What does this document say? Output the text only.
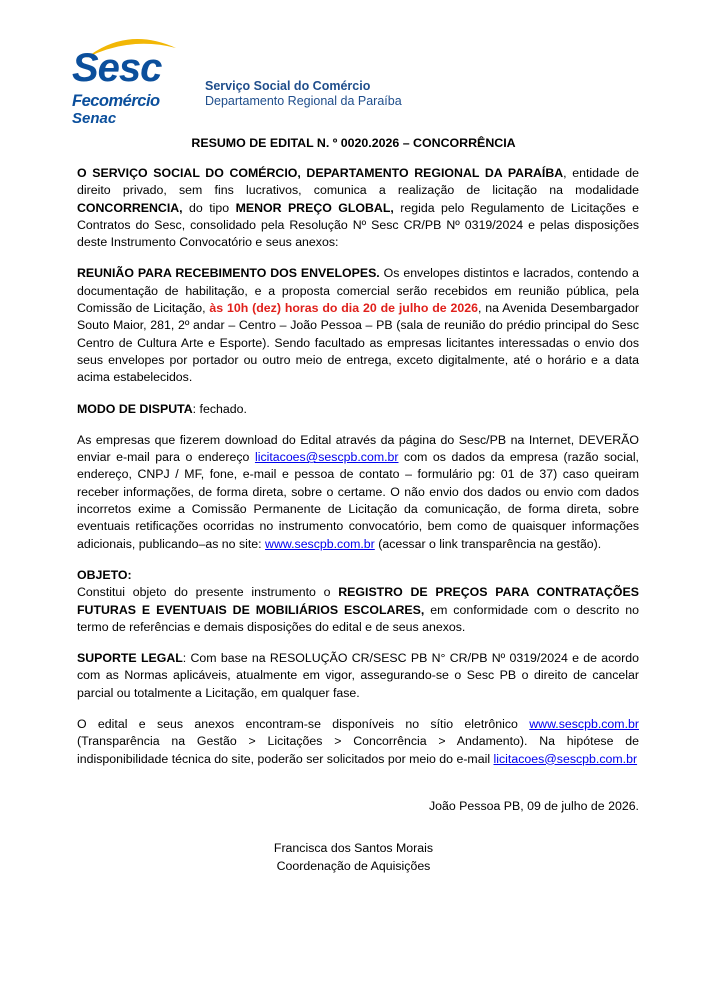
Sesc
Fecomércio
Senac
Serviço Social do Comércio
Departamento Regional da Paraíba
RESUMO DE EDITAL N. º 0020.2026 – CONCORRÊNCIA

O SERVIÇO SOCIAL DO COMÉRCIO, DEPARTAMENTO REGIONAL DA PARAÍBA, entidade de direito privado, sem fins lucrativos, comunica a realização de licitação na modalidade CONCORRENCIA, do tipo MENOR PREÇO GLOBAL, regida pelo Regulamento de Licitações e Contratos do Sesc, consolidado pela Resolução Nº Sesc CR/PB Nº 0319/2024 e pelas disposições deste Instrumento Convocatório e seus anexos:

REUNIÃO PARA RECEBIMENTO DOS ENVELOPES. Os envelopes distintos e lacrados, contendo a documentação de habilitação, e a proposta comercial serão recebidos em reunião pública, pela Comissão de Licitação, às 10h (dez) horas do dia 20 de julho de 2026, na Avenida Desembargador Souto Maior, 281, 2º andar – Centro – João Pessoa – PB (sala de reunião do prédio principal do Sesc Centro de Cultura Arte e Esporte). Sendo facultado as empresas licitantes interessadas o envio dos seus envelopes por portador ou outro meio de entrega, exceto digitalmente, até o horário e a data acima estabelecidos.

MODO DE DISPUTA: fechado.

As empresas que fizerem download do Edital através da página do Sesc/PB na Internet, DEVERÃO enviar e-mail para o endereço licitacoes@sescpb.com.br com os dados da empresa (razão social, endereço, CNPJ / MF, fone, e-mail e pessoa de contato – formulário pg: 01 de 37) caso queiram receber informações, de forma direta, sobre o certame. O não envio dos dados ou envio com dados incorretos exime a Comissão Permanente de Licitação da comunicação, de forma direta, sobre eventuais retificações ocorridas no instrumento convocatório, bem como de quaisquer informações adicionais, publicando–as no site: www.sescpb.com.br (acessar o link transparência na gestão).

OBJETO:
Constitui objeto do presente instrumento o REGISTRO DE PREÇOS PARA CONTRATAÇÕES FUTURAS E EVENTUAIS DE MOBILIÁRIOS ESCOLARES, em conformidade com o descrito no termo de referências e demais disposições do edital e de seus anexos.

SUPORTE LEGAL: Com base na RESOLUÇÃO CR/SESC PB N° CR/PB Nº 0319/2024 e de acordo com as Normas aplicáveis, atualmente em vigor, assegurando-se o Sesc PB o direito de cancelar parcial ou totalmente a Licitação, em qualquer fase.

O edital e seus anexos encontram-se disponíveis no sítio eletrônico www.sescpb.com.br (Transparência na Gestão > Licitações > Concorrência > Andamento). Na hipótese de indisponibilidade técnica do site, poderão ser solicitados por meio do e-mail licitacoes@sescpb.com.br

João Pessoa PB, 09 de julho de 2026.
Francisca dos Santos Morais
Coordenação de Aquisições
